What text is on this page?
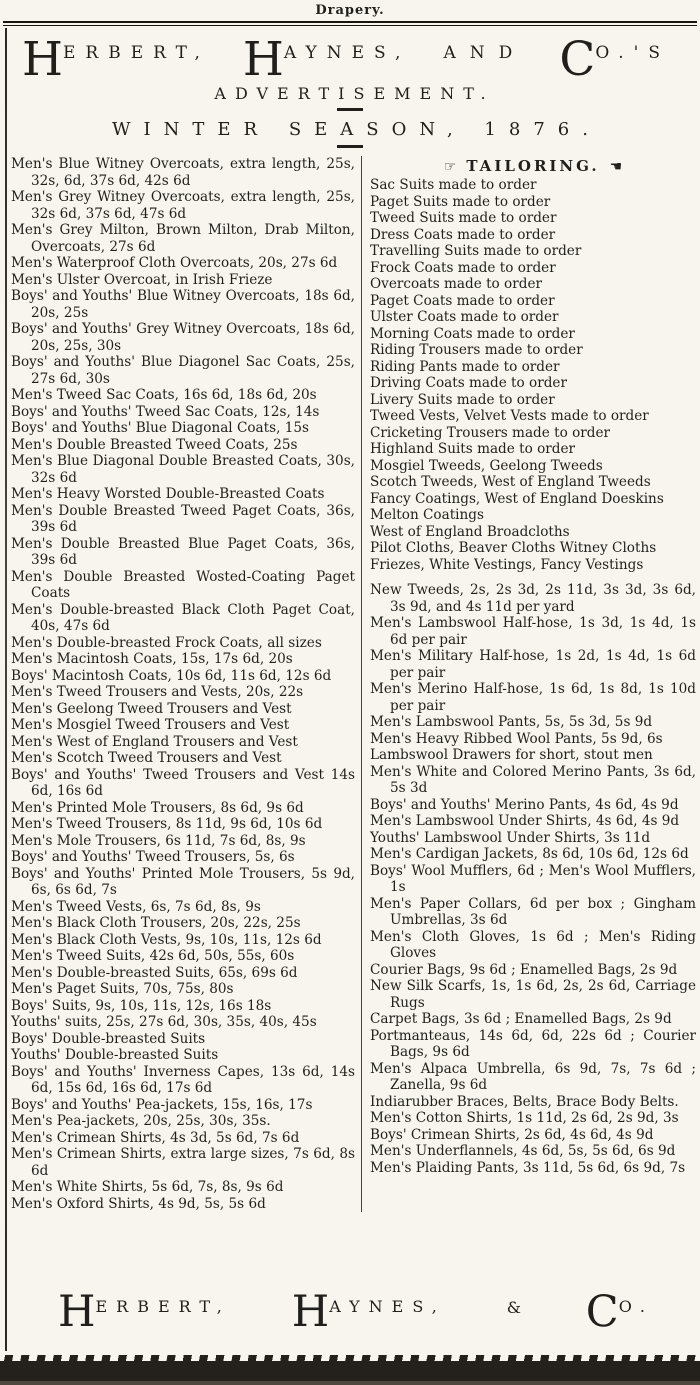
Drapery.
H ERBERT, H AYNES, AND C O.'S
ADVERTISEMENT.
WINTER SEASON, 1876.

Men's Blue Witney Overcoats, extra length, 25s, 32s, 6d, 37s 6d, 42s 6d

Men's Grey Witney Overcoats, extra length, 25s, 32s 6d, 37s 6d, 47s 6d

Men's Grey Milton, Brown Milton, Drab Milton, Overcoats, 27s 6d

Men's Waterproof Cloth Overcoats, 20s, 27s 6d

Men's Ulster Overcoat, in Irish Frieze

Boys' and Youths' Blue Witney Overcoats, 18s 6d, 20s, 25s

Boys' and Youths' Grey Witney Overcoats, 18s 6d, 20s, 25s, 30s

Boys' and Youths' Blue Diagonel Sac Coats, 25s, 27s 6d, 30s

Men's Tweed Sac Coats, 16s 6d, 18s 6d, 20s

Boys' and Youths' Tweed Sac Coats, 12s, 14s

Boys' and Youths' Blue Diagonal Coats, 15s

Men's Double Breasted Tweed Coats, 25s

Men's Blue Diagonal Double Breasted Coats, 30s, 32s 6d

Men's Heavy Worsted Double-Breasted Coats

Men's Double Breasted Tweed Paget Coats, 36s, 39s 6d

Men's Double Breasted Blue Paget Coats, 36s, 39s 6d

Men's Double Breasted Wosted-Coating Paget Coats

Men's Double-breasted Black Cloth Paget Coat, 40s, 47s 6d

Men's Double-breasted Frock Coats, all sizes

Men's Macintosh Coats, 15s, 17s 6d, 20s

Boys' Macintosh Coats, 10s 6d, 11s 6d, 12s 6d

Men's Tweed Trousers and Vests, 20s, 22s

Men's Geelong Tweed Trousers and Vest

Men's Mosgiel Tweed Trousers and Vest

Men's West of England Trousers and Vest

Men's Scotch Tweed Trousers and Vest

Boys' and Youths' Tweed Trousers and Vest 14s 6d, 16s 6d

Men's Printed Mole Trousers, 8s 6d, 9s 6d

Men's Tweed Trousers, 8s 11d, 9s 6d, 10s 6d

Men's Mole Trousers, 6s 11d, 7s 6d, 8s, 9s

Boys' and Youths' Tweed Trousers, 5s, 6s

Boys' and Youths' Printed Mole Trousers, 5s 9d, 6s, 6s 6d, 7s

Men's Tweed Vests, 6s, 7s 6d, 8s, 9s

Men's Black Cloth Trousers, 20s, 22s, 25s

Men's Black Cloth Vests, 9s, 10s, 11s, 12s 6d

Men's Tweed Suits, 42s 6d, 50s, 55s, 60s

Men's Double-breasted Suits, 65s, 69s 6d

Men's Paget Suits, 70s, 75s, 80s

Boys' Suits, 9s, 10s, 11s, 12s, 16s 18s

Youths' suits, 25s, 27s 6d, 30s, 35s, 40s, 45s

Boys' Double-breasted Suits

Youths' Double-breasted Suits

Boys' and Youths' Inverness Capes, 13s 6d, 14s 6d, 15s 6d, 16s 6d, 17s 6d

Boys' and Youths' Pea-jackets, 15s, 16s, 17s

Men's Pea-jackets, 20s, 25s, 30s, 35s.

Men's Crimean Shirts, 4s 3d, 5s 6d, 7s 6d

Men's Crimean Shirts, extra large sizes, 7s 6d, 8s 6d

Men's White Shirts, 5s 6d, 7s, 8s, 9s 6d

Men's Oxford Shirts, 4s 9d, 5s, 5s 6d

☞ TAILORING. ☚

Sac Suits made to order

Paget Suits made to order

Tweed Suits made to order

Dress Coats made to order

Travelling Suits made to order

Frock Coats made to order

Overcoats made to order

Paget Coats made to order

Ulster Coats made to order

Morning Coats made to order

Riding Trousers made to order

Riding Pants made to order

Driving Coats made to order

Livery Suits made to order

Tweed Vests, Velvet Vests made to order

Cricketing Trousers made to order

Highland Suits made to order

Mosgiel Tweeds, Geelong Tweeds

Scotch Tweeds, West of England Tweeds

Fancy Coatings, West of England Doeskins

Melton Coatings

West of England Broadcloths

Pilot Cloths, Beaver Cloths Witney Cloths

Friezes, White Vestings, Fancy Vestings

New Tweeds, 2s, 2s 3d, 2s 11d, 3s 3d, 3s 6d, 3s 9d, and 4s 11d per yard

Men's Lambswool Half-hose, 1s 3d, 1s 4d, 1s 6d per pair

Men's Military Half-hose, 1s 2d, 1s 4d, 1s 6d per pair

Men's Merino Half-hose, 1s 6d, 1s 8d, 1s 10d per pair

Men's Lambswool Pants, 5s, 5s 3d, 5s 9d

Men's Heavy Ribbed Wool Pants, 5s 9d, 6s

Lambswool Drawers for short, stout men

Men's White and Colored Merino Pants, 3s 6d, 5s 3d

Boys' and Youths' Merino Pants, 4s 6d, 4s 9d

Men's Lambswool Under Shirts, 4s 6d, 4s 9d

Youths' Lambswool Under Shirts, 3s 11d

Men's Cardigan Jackets, 8s 6d, 10s 6d, 12s 6d

Boys' Wool Mufflers, 6d ; Men's Wool Mufflers, 1s

Men's Paper Collars, 6d per box ; Gingham Umbrellas, 3s 6d

Men's Cloth Gloves, 1s 6d ; Men's Riding Gloves

Courier Bags, 9s 6d ; Enamelled Bags, 2s 9d

New Silk Scarfs, 1s, 1s 6d, 2s, 2s 6d, Carriage Rugs

Carpet Bags, 3s 6d ; Enamelled Bags, 2s 9d

Portmanteaus, 14s 6d, 6d, 22s 6d ; Courier Bags, 9s 6d

Men's Alpaca Umbrella, 6s 9d, 7s, 7s 6d ; Zanella, 9s 6d

Indiarubber Braces, Belts, Brace Body Belts.

Men's Cotton Shirts, 1s 11d, 2s 6d, 2s 9d, 3s

Boys' Crimean Shirts, 2s 6d, 4s 6d, 4s 9d

Men's Underflannels, 4s 6d, 5s, 5s 6d, 6s 9d

Men's Plaiding Pants, 3s 11d, 5s 6d, 6s 9d, 7s

H ERBERT, H AYNES,	& C O.
